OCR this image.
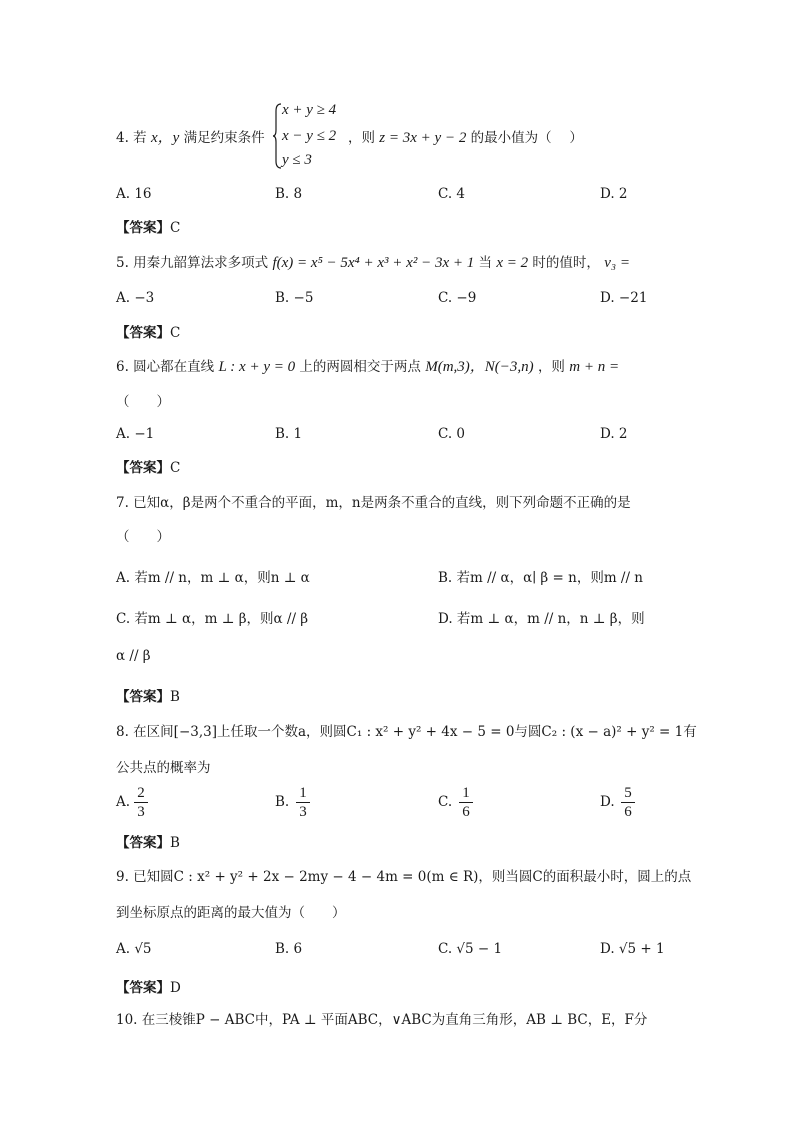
4. 若 x，y 满足约束条件
x + y ≥ 4
x − y ≤ 2
y ≤ 3
，则 z = 3x + y − 2 的最小值为（　 ）
A. 16	B. 8	C. 4	D. 2
【答案】C
5. 用秦九韶算法求多项式 f(x) = x⁵ − 5x⁴ + x³ + x² − 3x + 1 当 x = 2 时的值时， v₃ =
A. −3	B. −5	C. −9	D. −21
【答案】C
6. 圆心都在直线 L : x + y = 0 上的两圆相交于两点 M(m,3)，N(−3,n) ，则 m + n =
（　　）
A. −1	B. 1	C. 0	D. 2
【答案】C
7. 已知α，β是两个不重合的平面，m，n是两条不重合的直线，则下列命题不正确的是
（　　）
A. 若m // n，m ⊥ α，则n ⊥ α	B. 若m // α，α∣ β = n，则m // n
C. 若m ⊥ α，m ⊥ β，则α // β	D. 若m ⊥ α，m // n，n ⊥ β，则
α // β
【答案】B
8. 在区间[−3,3]上任取一个数a，则圆C₁ : x² + y² + 4x − 5 = 0与圆C₂ : (x − a)² + y² = 1有
公共点的概率为
A. $\frac{2}{3}$	B. $\frac{1}{3}$	C. $\frac{1}{6}$	D. $\frac{5}{6}$
【答案】B
9. 已知圆C : x² + y² + 2x − 2my − 4 − 4m = 0(m ∈ R)，则当圆C的面积最小时，圆上的点
到坐标原点的距离的最大值为（　　）
A. √5	B. 6	C. √5 − 1	D. √5 + 1
【答案】D
10. 在三棱锥P − ABC中，PA ⊥ 平面ABC，∨ABC为直角三角形，AB ⊥ BC，E，F分
